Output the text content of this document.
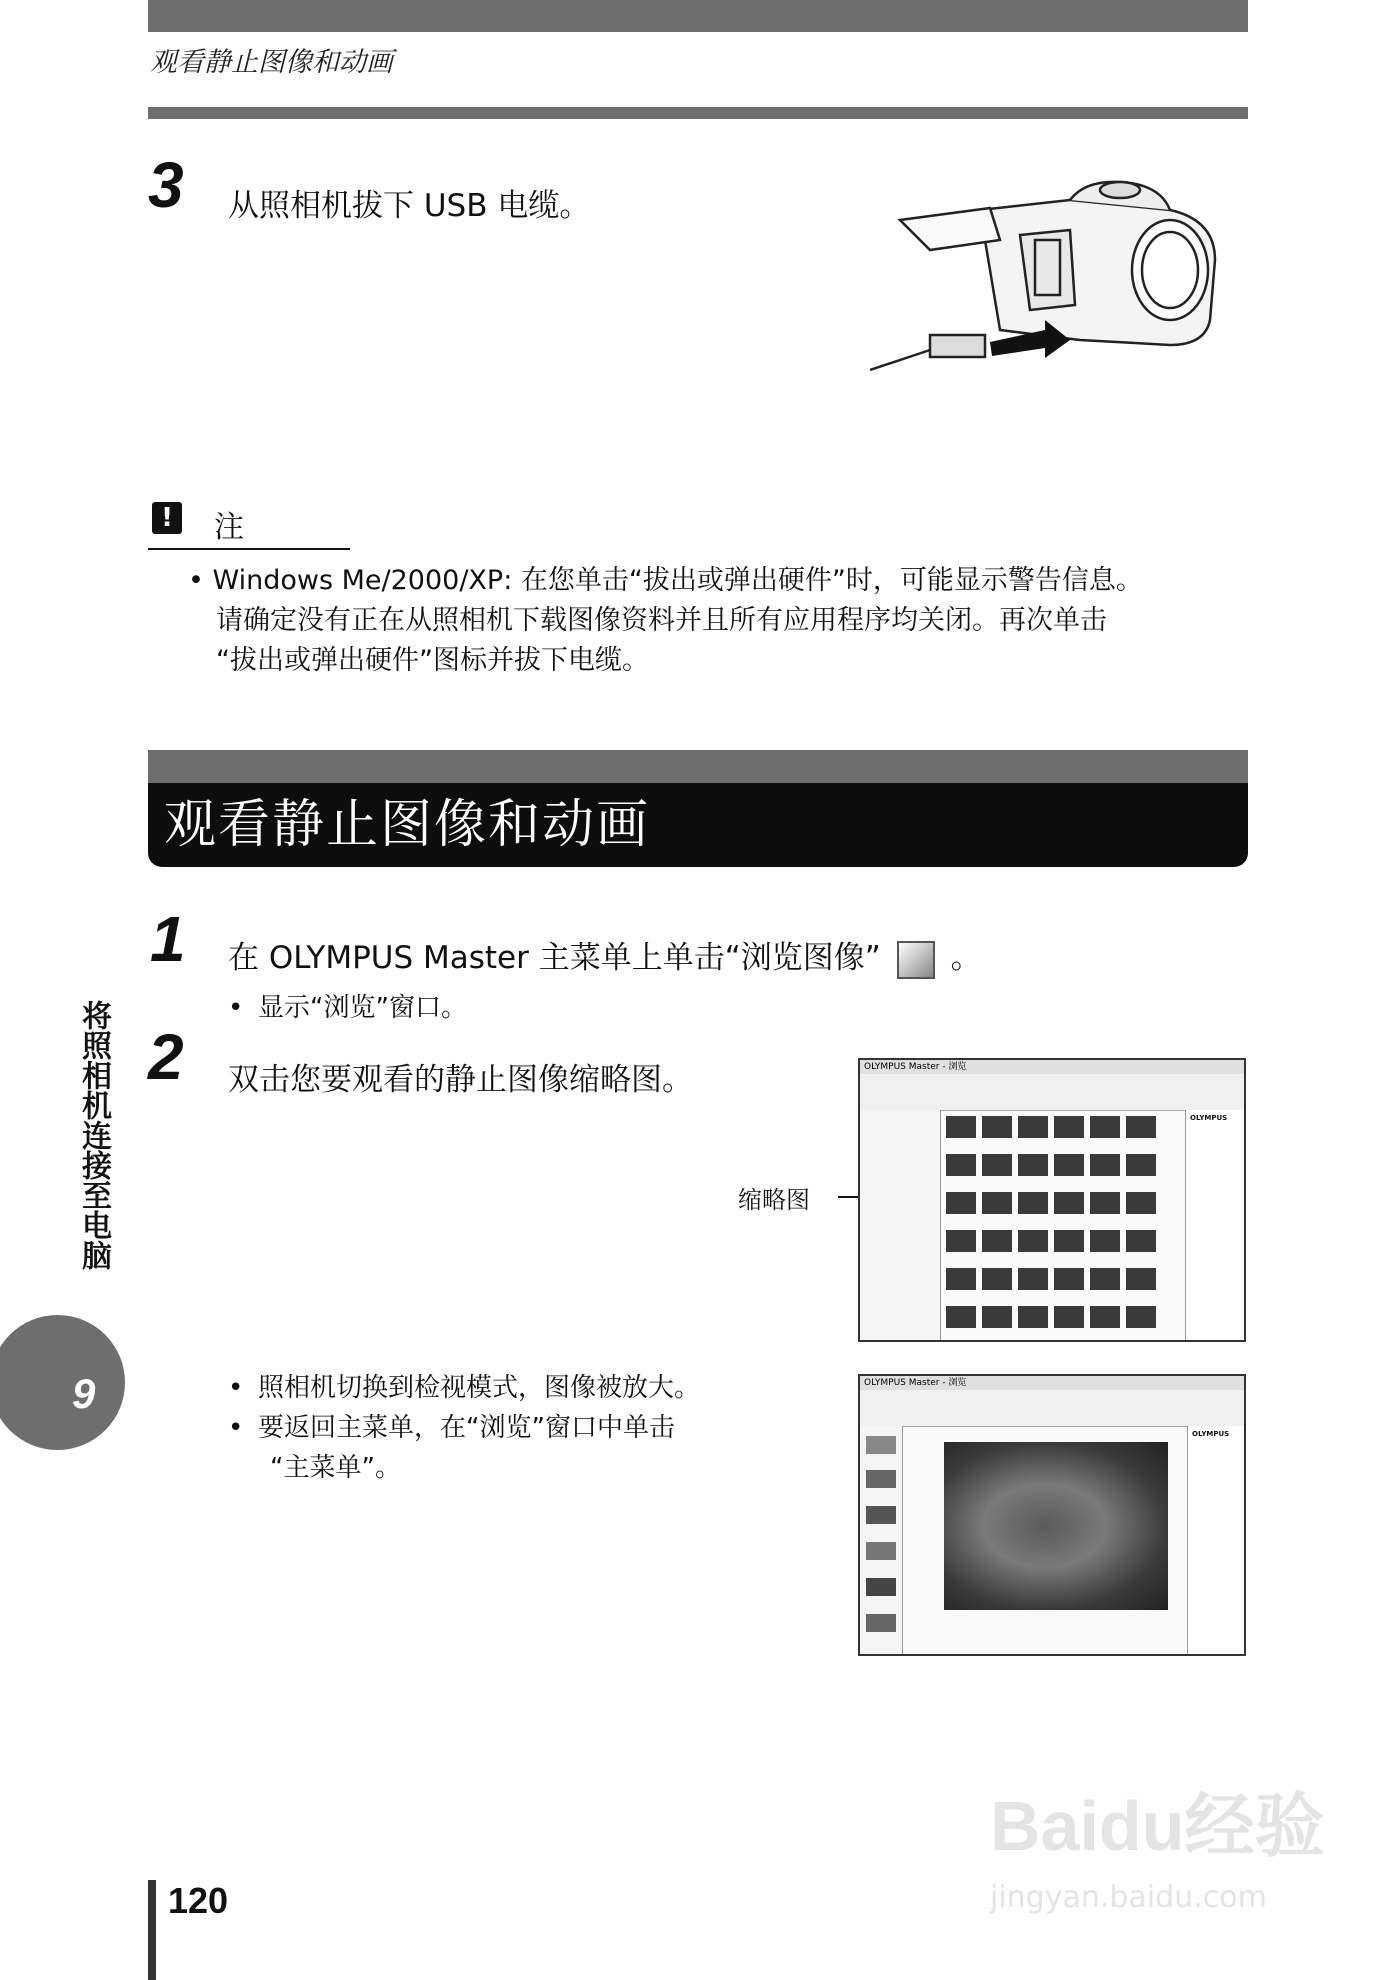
观看静止图像和动画
3 从照相机拔下 USB 电缆。
!	注
• Windows Me/2000/XP: 在您单击“拔出或弹出硬件”时，可能显示警告信息。
请确定没有正在从照相机下载图像资料并且所有应用程序均关闭。再次单击
“拔出或弹出硬件”图标并拔下电缆。
观看静止图像和动画
1 在 OLYMPUS Master 主菜单上单击“浏览图像” 。
• 显示“浏览”窗口。
2 双击您要观看的静止图像缩略图。
缩略图
OLYMPUS Master - 浏览
OLYMPUS
• 照相机切换到检视模式，图像被放大。
• 要返回主菜单，在“浏览”窗口中单击
“主菜单”。
OLYMPUS Master - 浏览
OLYMPUS
将照相机连接至电脑
9
120
Baidu经验
jingyan.baidu.com
